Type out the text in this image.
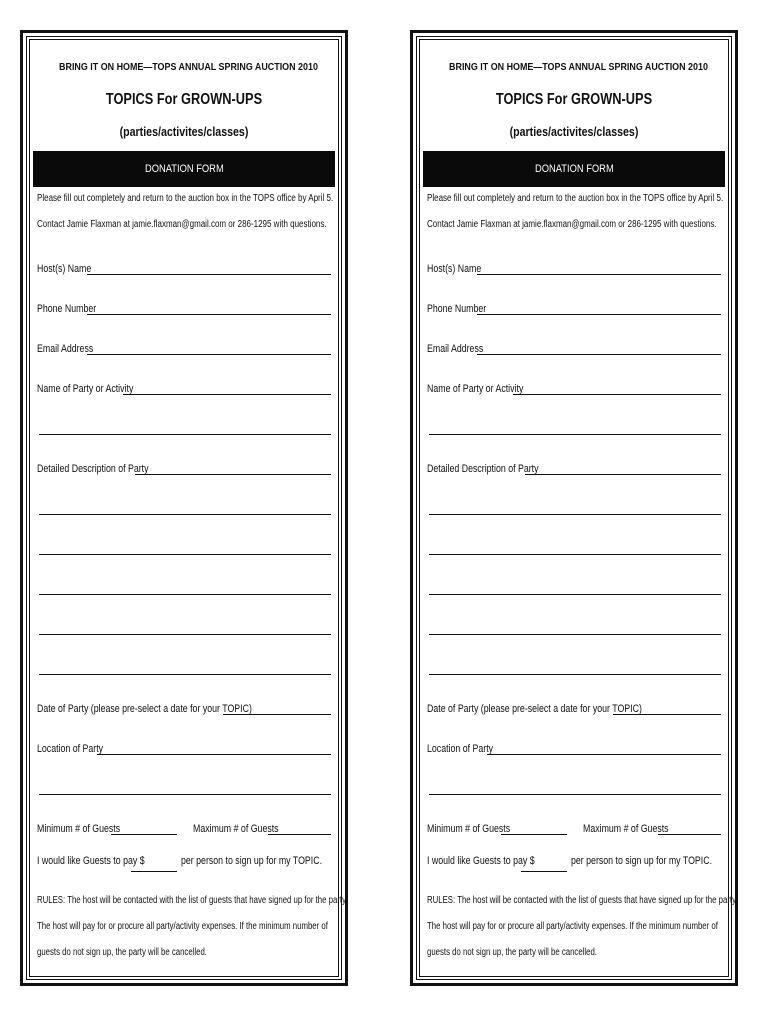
BRING IT ON HOME—TOPS ANNUAL SPRING AUCTION 2010
TOPICS For GROWN-UPS
(parties/activites/classes)
DONATION FORM
Please fill out completely and return to the auction box in the TOPS office by April 5.
Contact Jamie Flaxman at jamie.flaxman@gmail.com or 286-1295 with questions.
Host(s) Name
Phone Number
Email Address
Name of Party or Activity
Detailed Description of Party
Date of Party (please pre-select a date for your TOPIC)
Location of Party
Minimum # of Guests	Maximum # of Guests
I would like Guests to pay $	per person to sign up for my TOPIC.
RULES: The host will be contacted with the list of guests that have signed up for the party.
The host will pay for or procure all party/activity expenses. If the minimum number of
guests do not sign up, the party will be cancelled.
BRING IT ON HOME—TOPS ANNUAL SPRING AUCTION 2010
TOPICS For GROWN-UPS
(parties/activites/classes)
DONATION FORM
Please fill out completely and return to the auction box in the TOPS office by April 5.
Contact Jamie Flaxman at jamie.flaxman@gmail.com or 286-1295 with questions.
Host(s) Name
Phone Number
Email Address
Name of Party or Activity
Detailed Description of Party
Date of Party (please pre-select a date for your TOPIC)
Location of Party
Minimum # of Guests	Maximum # of Guests
I would like Guests to pay $	per person to sign up for my TOPIC.
RULES: The host will be contacted with the list of guests that have signed up for the party.
The host will pay for or procure all party/activity expenses. If the minimum number of
guests do not sign up, the party will be cancelled.
